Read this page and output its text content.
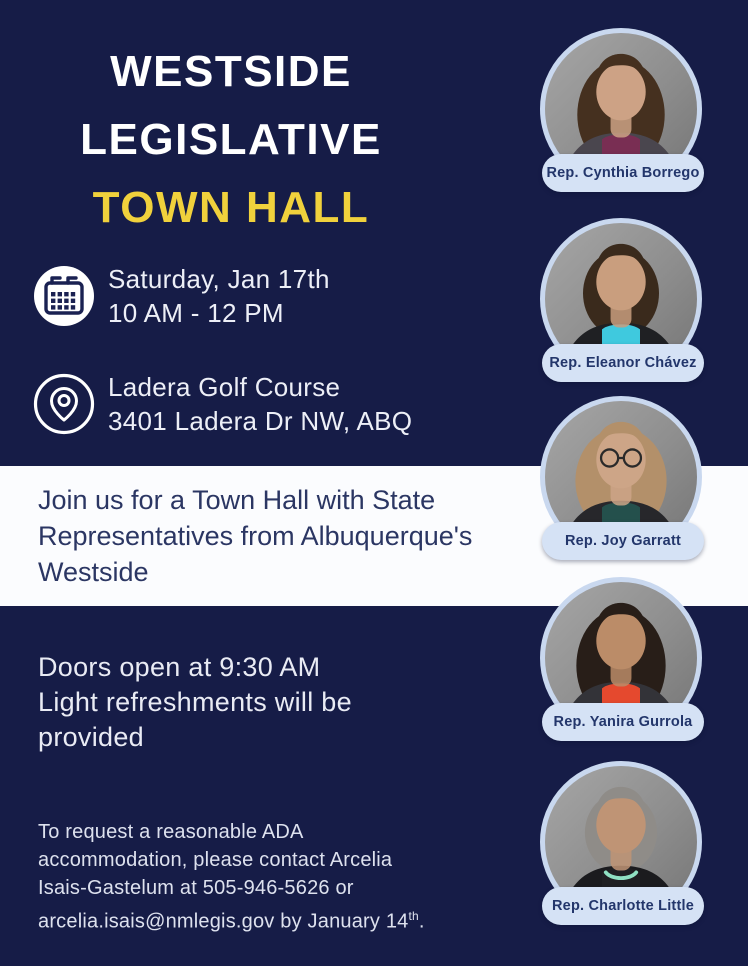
WESTSIDE
LEGISLATIVE
TOWN HALL
Saturday, Jan 17th
10 AM - 12 PM
Ladera Golf Course
3401 Ladera Dr NW, ABQ
Join us for a Town Hall with State Representatives from Albuquerque's Westside
Doors open at 9:30 AM
Light refreshments will be
provided
To request a reasonable ADA accommodation, please contact Arcelia Isais-Gastelum at 505-946-5626 or arcelia.isais@nmlegis.gov by January 14th.
Rep. Cynthia Borrego
Rep. Eleanor Chávez
Rep. Joy Garratt
Rep. Yanira Gurrola
Rep. Charlotte Little
